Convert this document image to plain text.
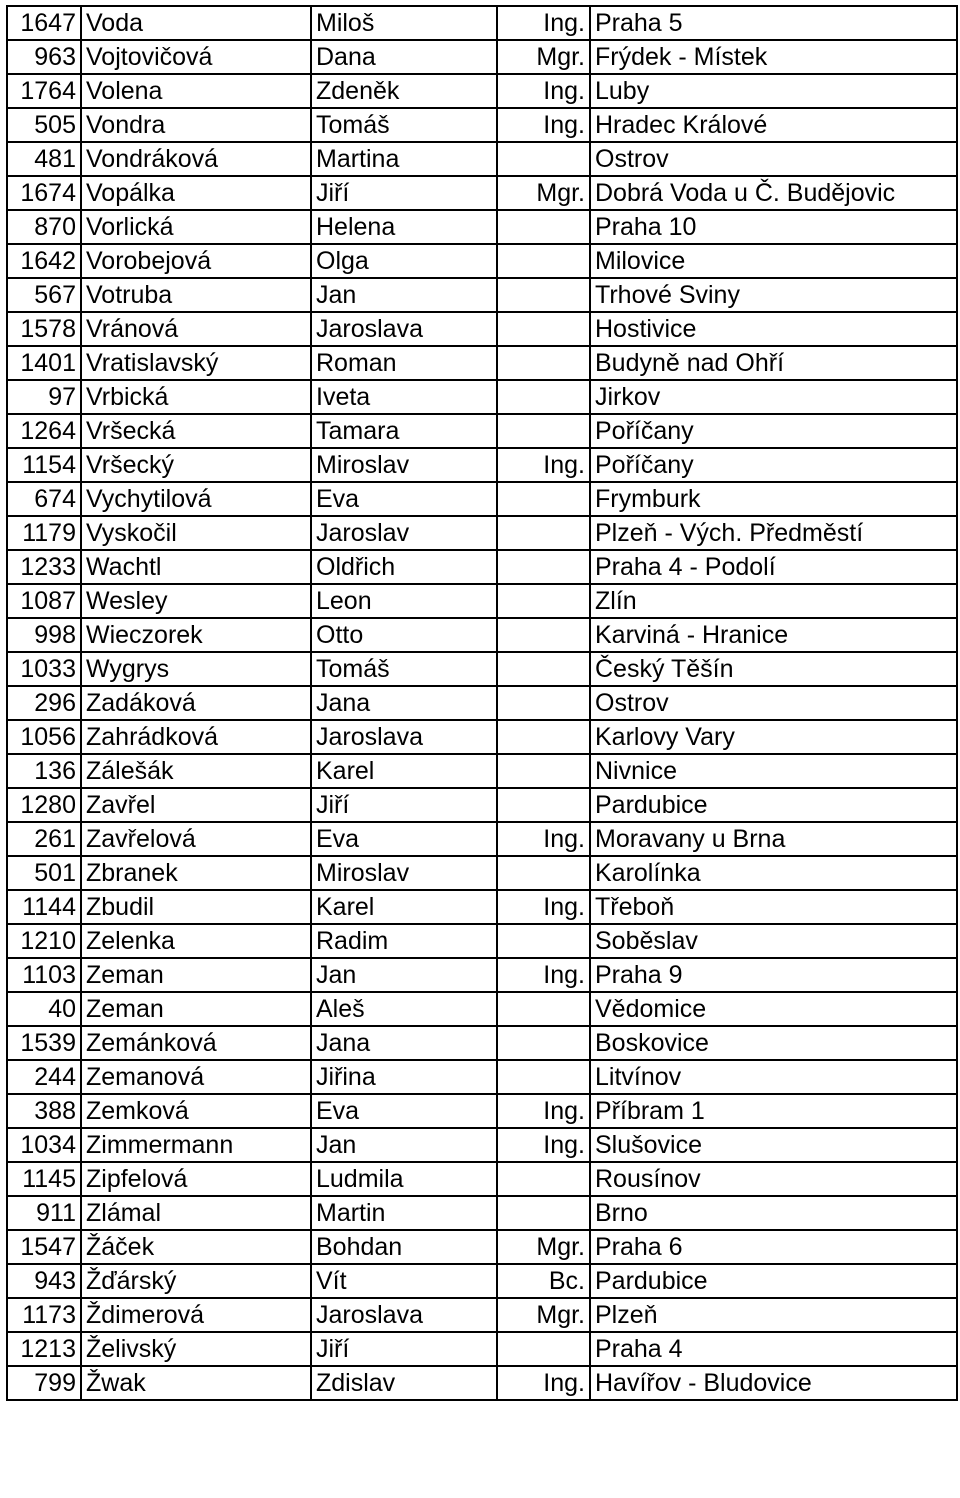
1647	Voda	Miloš	Ing.	Praha 5
963	Vojtovičová	Dana	Mgr.	Frýdek - Místek
1764	Volena	Zdeněk	Ing.	Luby
505	Vondra	Tomáš	Ing.	Hradec Králové
481	Vondráková	Martina		Ostrov
1674	Vopálka	Jiří	Mgr.	Dobrá Voda u Č. Budějovic
870	Vorlická	Helena		Praha 10
1642	Vorobejová	Olga		Milovice
567	Votruba	Jan		Trhové Sviny
1578	Vránová	Jaroslava		Hostivice
1401	Vratislavský	Roman		Budyně nad Ohří
97	Vrbická	Iveta		Jirkov
1264	Vršecká	Tamara		Poříčany
1154	Vršecký	Miroslav	Ing.	Poříčany
674	Vychytilová	Eva		Frymburk
1179	Vyskočil	Jaroslav		Plzeň - Vých. Předměstí
1233	Wachtl	Oldřich		Praha 4 - Podolí
1087	Wesley	Leon		Zlín
998	Wieczorek	Otto		Karviná - Hranice
1033	Wygrys	Tomáš		Český Těšín
296	Zadáková	Jana		Ostrov
1056	Zahrádková	Jaroslava		Karlovy Vary
136	Zálešák	Karel		Nivnice
1280	Zavřel	Jiří		Pardubice
261	Zavřelová	Eva	Ing.	Moravany u Brna
501	Zbranek	Miroslav		Karolínka
1144	Zbudil	Karel	Ing.	Třeboň
1210	Zelenka	Radim		Soběslav
1103	Zeman	Jan	Ing.	Praha 9
40	Zeman	Aleš		Vědomice
1539	Zemánková	Jana		Boskovice
244	Zemanová	Jiřina		Litvínov
388	Zemková	Eva	Ing.	Příbram 1
1034	Zimmermann	Jan	Ing.	Slušovice
1145	Zipfelová	Ludmila		Rousínov
911	Zlámal	Martin		Brno
1547	Žáček	Bohdan	Mgr.	Praha 6
943	Žďárský	Vít	Bc.	Pardubice
1173	Ždimerová	Jaroslava	Mgr.	Plzeň
1213	Želivský	Jiří		Praha 4
799	Žwak	Zdislav	Ing.	Havířov - Bludovice
